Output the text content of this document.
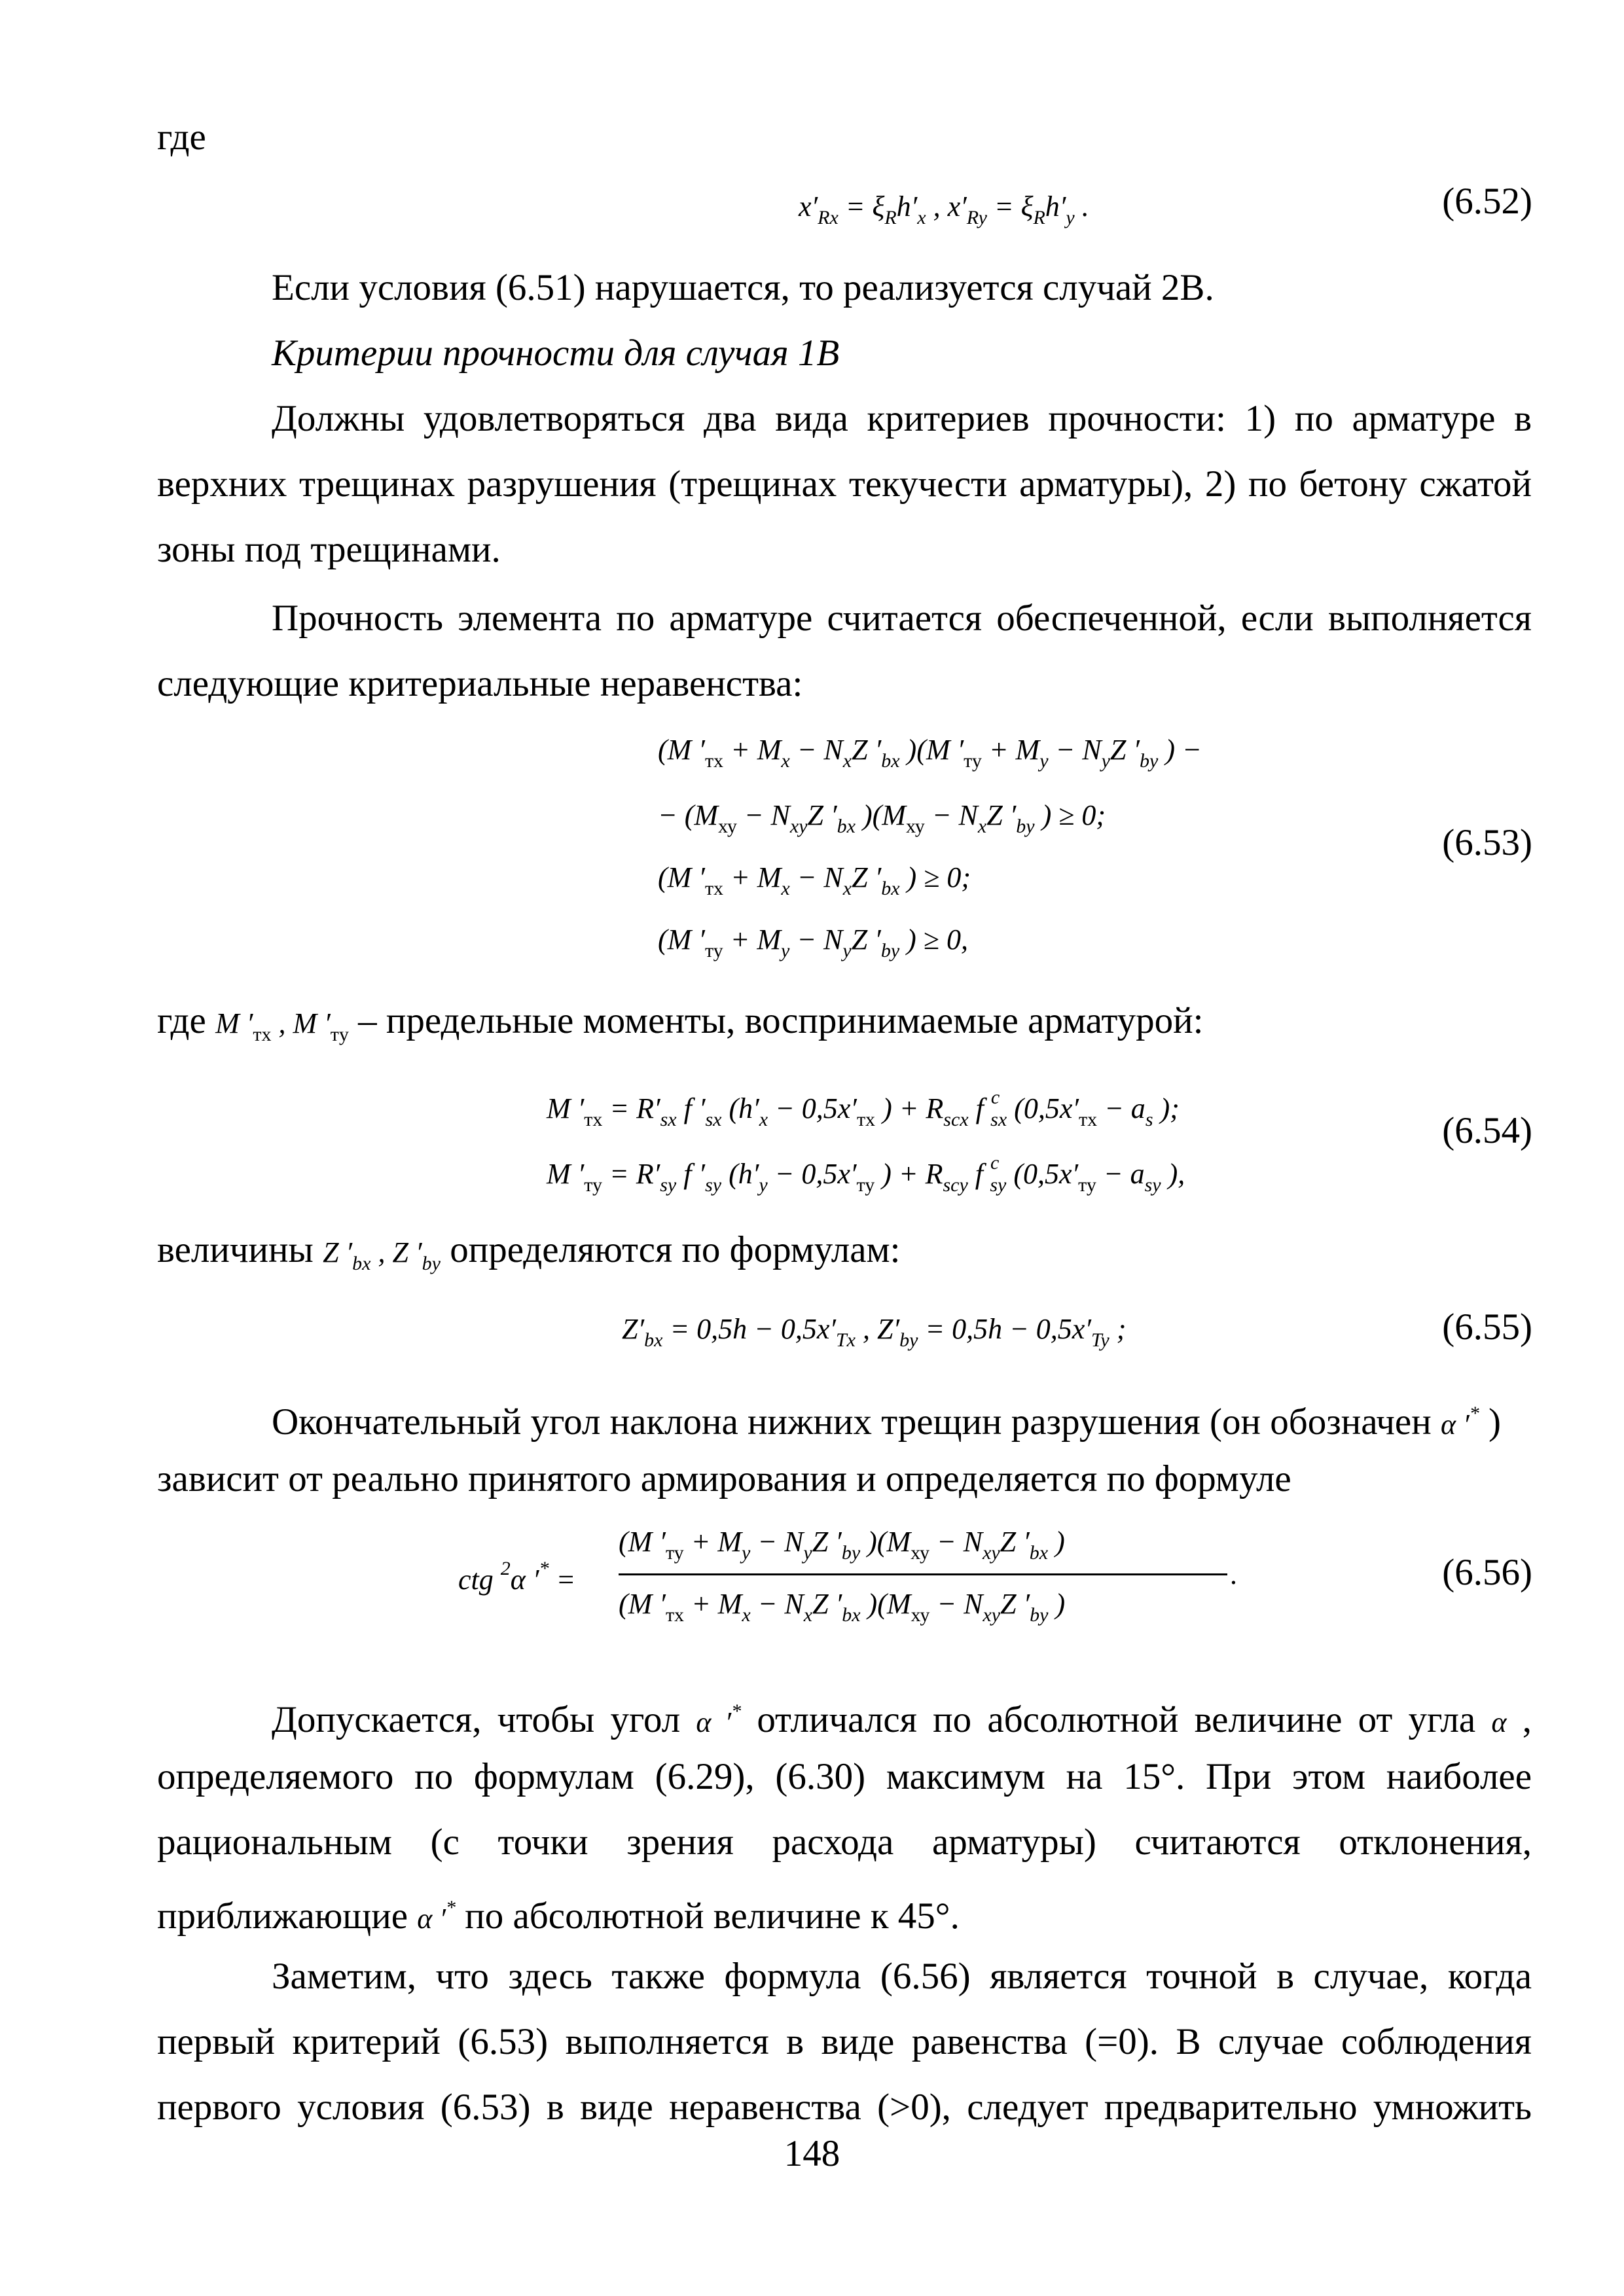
где

$x'_{Rx} = \xi_Rh'_x$ , $x'_{Ry} = \xi_Rh'_y$ .	(6.52)

Если условия (6.51) нарушается, то реализуется случай 2В.

Критерии прочности для случая 1В

Должны удовлетворяться два вида критериев прочности: 1) по арматуре в

верхних трещинах разрушения (трещинах текучести арматуры), 2) по бетону сжатой

зоны под трещинами.

Прочность элемента по арматуре считается обеспеченной, если выполняется

следующие критериальные неравенства:

(M $'_{тх} + M_x - N_xZ$ $'_{bx}$ )(M $'_{ту} + M_y - N_yZ$ $'_{by}$ ) −
− ($M_{ху} - N_{xy}Z$ $'_{bx}$ )($M_{ху} - N_xZ$ $'_{by}$ ) ≥ 0;
(M $'_{тх} + M_x - N_xZ$ $'_{bx}$ ) ≥ 0;
(M $'_{ту} + M_y - N_yZ$ $'_{by}$ ) ≥ 0,
(6.53)

где M $'_{тx}$ , M $'_{тy}$ – предельные моменты, воспринимаемые арматурой:

M $'_{тх} = R'_{sx}$ f $'_{sx}$ ($h'_x - 0,5x'_{тх}$ ) + $R_{scx}$ f $^c_{sx}$ ($0,5x'_{тх} - a_s$ );
M $'_{ту} = R'_{sy}$ f $'_{sy}$ ($h'_y - 0,5x'_{ту}$ ) + $R_{scy}$ f $^c_{sy}$ ($0,5x'_{ту} - a_{sy}$ ),
(6.54)

величины Z $'_{bx}$ , Z $'_{by}$ определяются по формулам:

$Z'_{bx} = 0,5h - 0,5x'_{Tx}$ , $Z'_{by} = 0,5h - 0,5x'_{Ty}$ ;	(6.55)

Окончательный угол наклона нижних трещин разрушения (он обозначен α ′* )

зависит от реально принятого армирования и определяется по формуле

ctg $^2$α ′* =
(M $'_{ту} + M_y - N_yZ$ $'_{by}$ )($M_{ху} - N_{xy}Z$ $'_{bx}$ )
(M $'_{тх} + M_x - N_xZ$ $'_{bx}$ )($M_{ху} - N_{xy}Z$ $'_{by}$ )
.	(6.56)

Допускается, чтобы угол α ′* отличался по абсолютной величине от угла α ,

определяемого по формулам (6.29), (6.30) максимум на 15°. При этом наиболее

рациональным (с точки зрения расхода арматуры) считаются отклонения,

приближающие α ′* по абсолютной величине к 45°.

Заметим, что здесь также формула (6.56) является точной в случае, когда

первый критерий (6.53) выполняется в виде равенства (=0). В случае соблюдения

первого условия (6.53) в виде неравенства (>0), следует предварительно умножить

148
